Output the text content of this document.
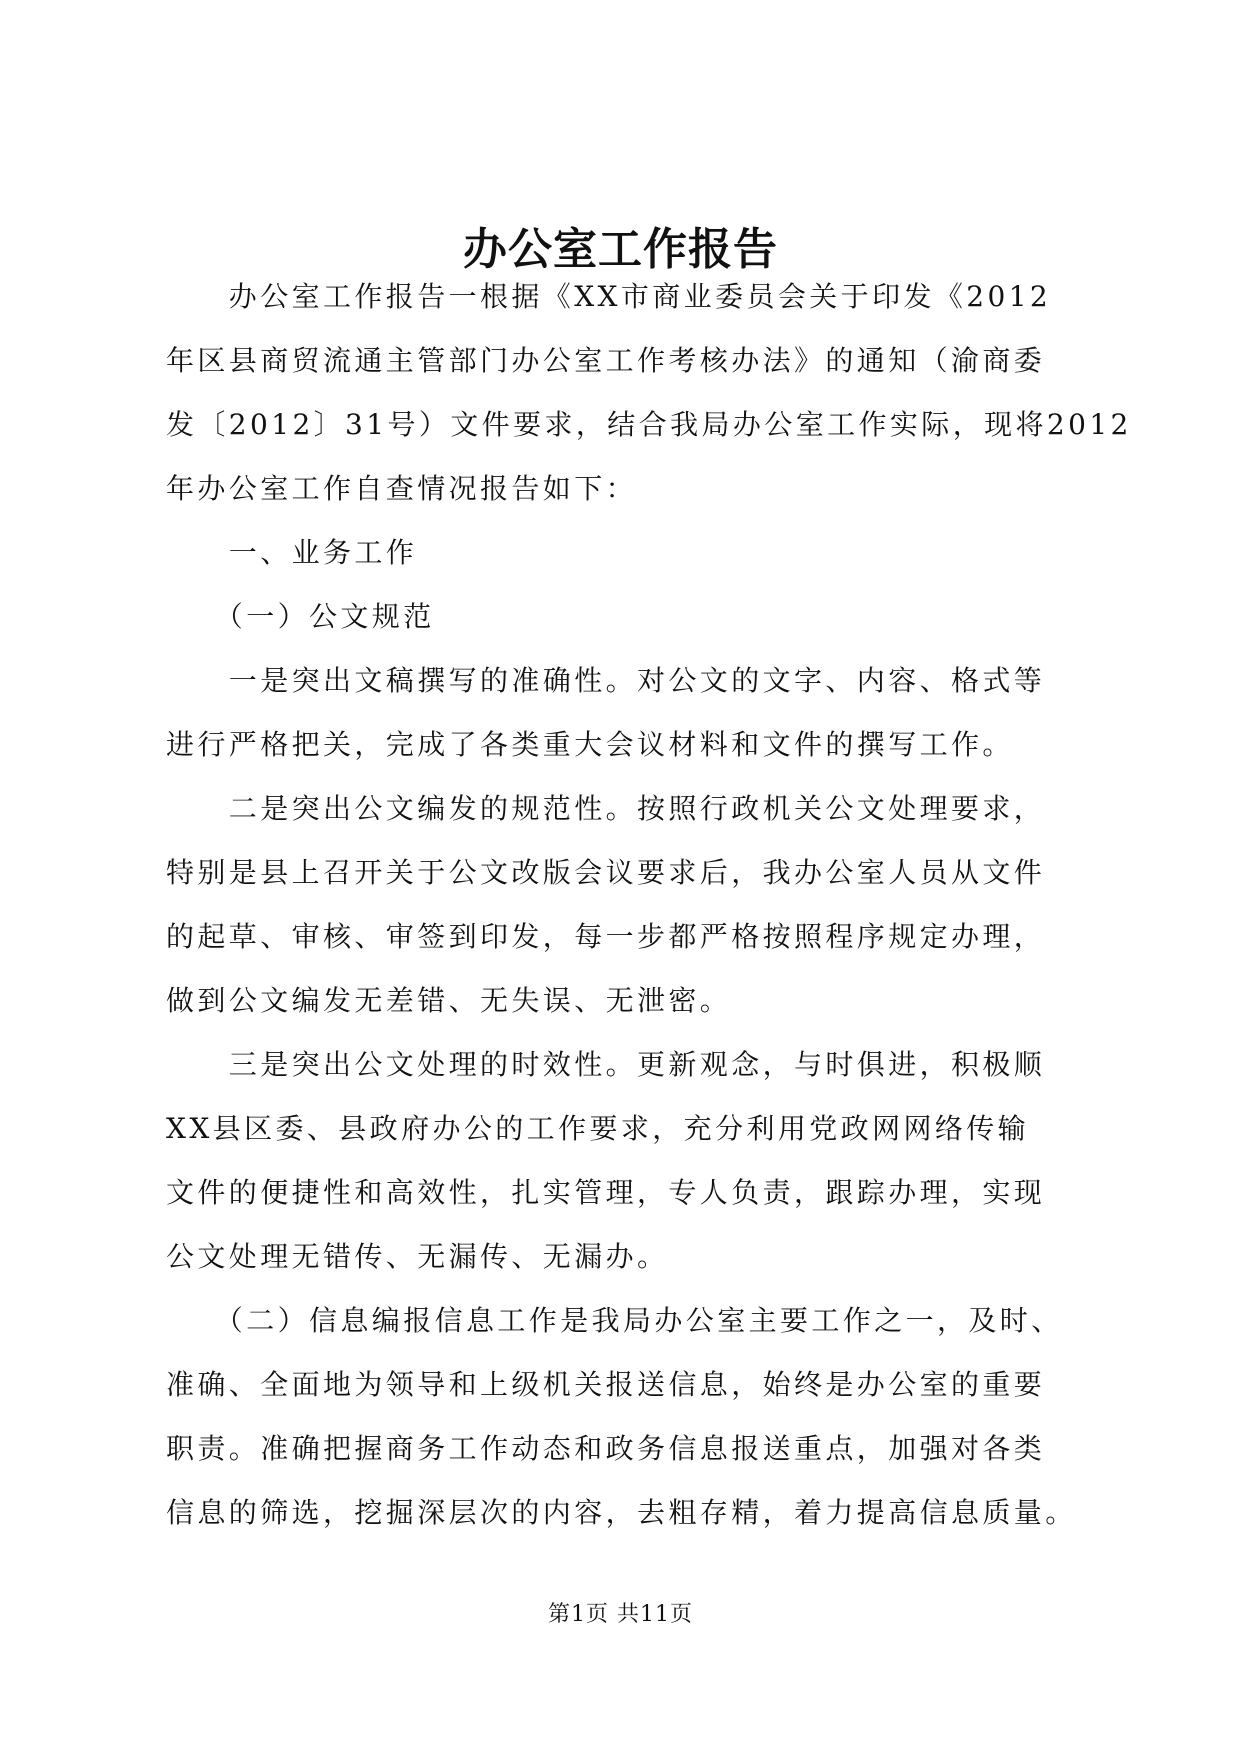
办公室工作报告
　　办公室工作报告一根据《XX市商业委员会关于印发《2012
年区县商贸流通主管部门办公室工作考核办法》的通知（渝商委
发〔2012〕31号）文件要求，结合我局办公室工作实际，现将2012
年办公室工作自查情况报告如下：
　　一、业务工作
　　（一）公文规范
　　一是突出文稿撰写的准确性。对公文的文字、内容、格式等
进行严格把关，完成了各类重大会议材料和文件的撰写工作。
　　二是突出公文编发的规范性。按照行政机关公文处理要求，
特别是县上召开关于公文改版会议要求后，我办公室人员从文件
的起草、审核、审签到印发，每一步都严格按照程序规定办理，
做到公文编发无差错、无失误、无泄密。
　　三是突出公文处理的时效性。更新观念，与时俱进，积极顺
XX县区委、县政府办公的工作要求，充分利用党政网网络传输
文件的便捷性和高效性，扎实管理，专人负责，跟踪办理，实现
公文处理无错传、无漏传、无漏办。
　　（二）信息编报信息工作是我局办公室主要工作之一，及时、
准确、全面地为领导和上级机关报送信息，始终是办公室的重要
职责。准确把握商务工作动态和政务信息报送重点，加强对各类
信息的筛选，挖掘深层次的内容，去粗存精，着力提高信息质量。
第1页 共11页
